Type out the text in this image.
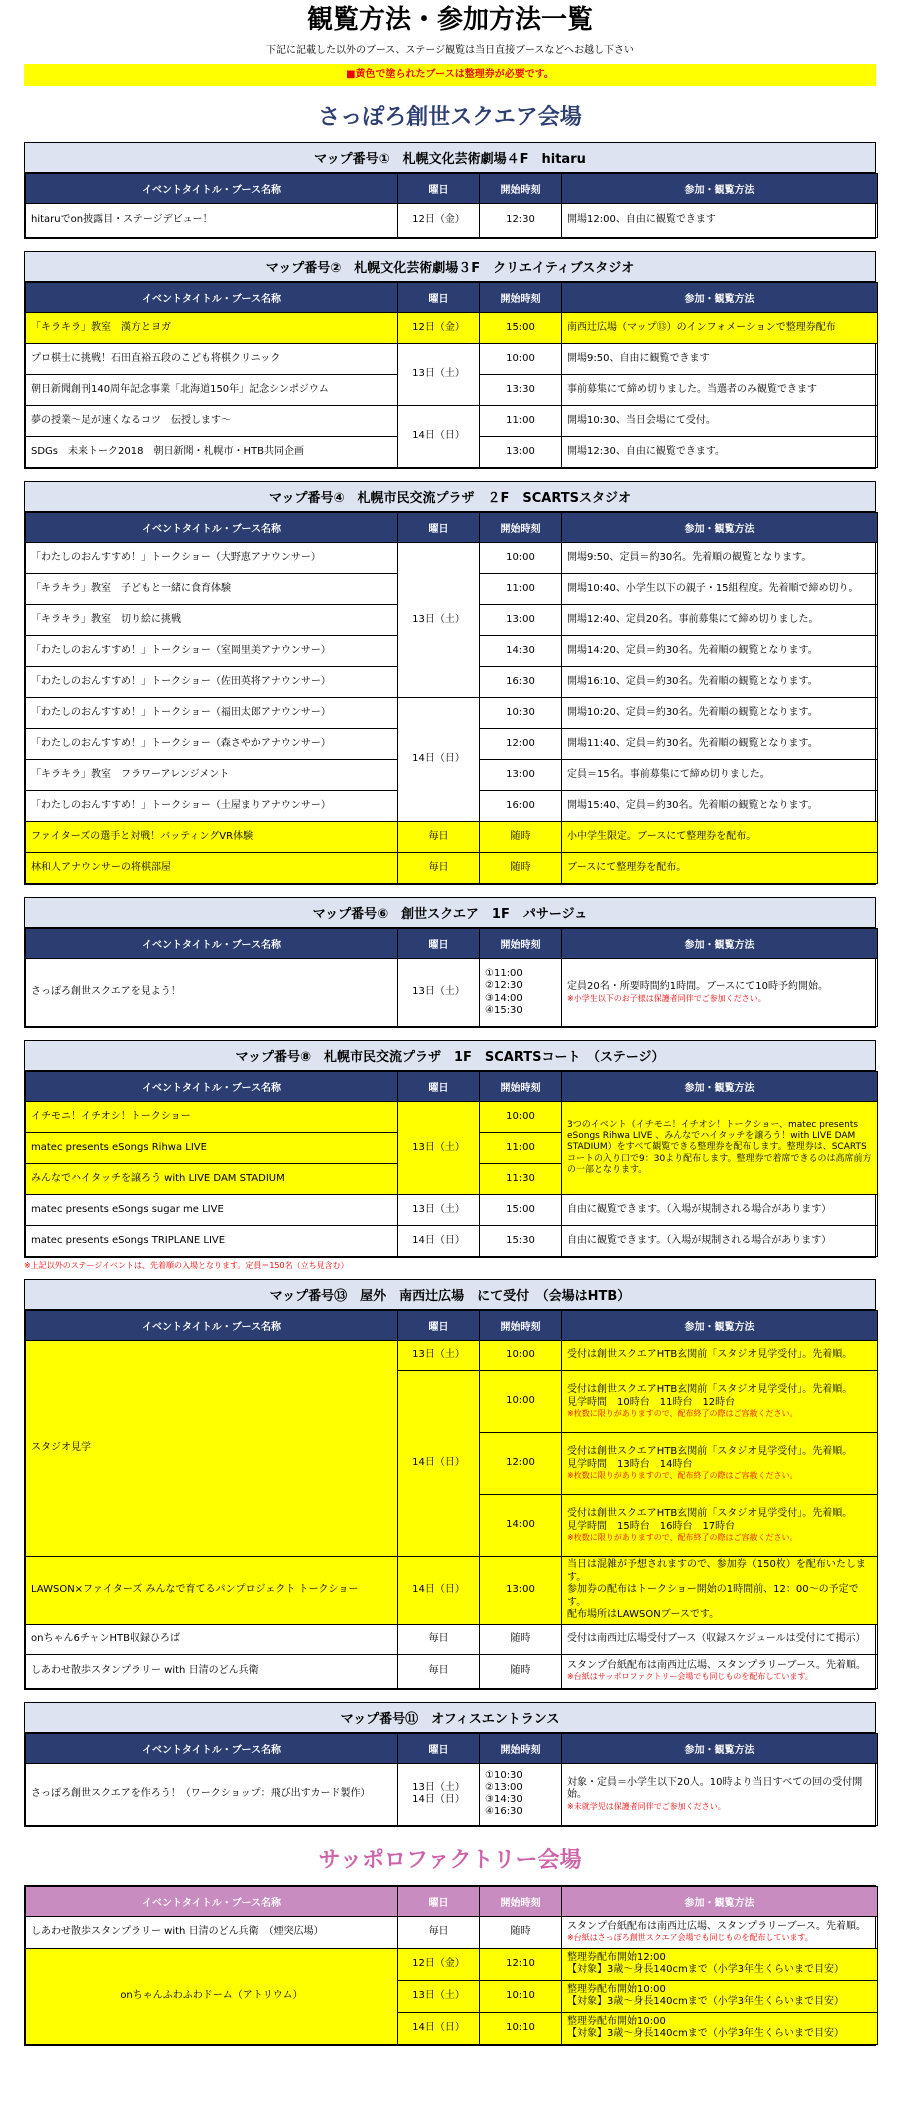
観覧方法・参加方法一覧
下記に記載した以外のブース、ステージ観覧は当日直接ブースなどへお越し下さい
■黄色で塗られたブースは整理券が必要です。
さっぽろ創世スクエア会場
マップ番号①　札幌文化芸術劇場４F　hitaru
イベントタイトル・ブース名称	曜日	開始時刻	参加・観覧方法
hitaruでon披露目・ステージデビュー！	12日（金）	12:30	開場12:00、自由に観覧できます
マップ番号②　札幌文化芸術劇場３F　クリエイティブスタジオ
イベントタイトル・ブース名称	曜日	開始時刻	参加・観覧方法
「キラキラ」教室　漢方とヨガ	12日（金）	15:00	南西辻広場（マップ⑬）のインフォメーションで整理券配布
プロ棋士に挑戦！石田直裕五段のこども将棋クリニック	13日（土）	10:00	開場9:50、自由に観覧できます
朝日新聞創刊140周年記念事業「北海道150年」記念シンポジウム		13:30	事前募集にて締め切りました。当選者のみ観覧できます
夢の授業～足が速くなるコツ　伝授します～	14日（日）	11:00	開場10:30、当日会場にて受付。
SDGs　未来トーク2018　朝日新聞・札幌市・HTB共同企画		13:00	開場12:30、自由に観覧できます。
マップ番号④　札幌市民交流プラザ　２F　SCARTSスタジオ
イベントタイトル・ブース名称	曜日	開始時刻	参加・観覧方法
「わたしのおんすすめ！」トークショー（大野恵アナウンサー）	13日（土）	10:00	開場9:50、定員＝約30名。先着順の観覧となります。
「キラキラ」教室　子どもと一緒に食育体験		11:00	開場10:40、小学生以下の親子・15組程度。先着順で締め切り。
「キラキラ」教室　切り絵に挑戦		13:00	開場12:40、定員20名。事前募集にて締め切りました。
「わたしのおんすすめ！」トークショー（室岡里美アナウンサー）		14:30	開場14:20、定員＝約30名。先着順の観覧となります。
「わたしのおんすすめ！」トークショー（佐田英将アナウンサー）		16:30	開場16:10、定員＝約30名。先着順の観覧となります。
「わたしのおんすすめ！」トークショー（福田太郎アナウンサー）	14日（日）	10:30	開場10:20、定員＝約30名。先着順の観覧となります。
「わたしのおんすすめ！」トークショー（森さやかアナウンサー）		12:00	開場11:40、定員＝約30名。先着順の観覧となります。
「キラキラ」教室　フラワーアレンジメント		13:00	定員＝15名。事前募集にて締め切りました。
「わたしのおんすすめ！」トークショー（土屋まりアナウンサー）		16:00	開場15:40、定員＝約30名。先着順の観覧となります。
ファイターズの選手と対戦！バッティングVR体験	毎日	随時	小中学生限定。ブースにて整理券を配布。
林和人アナウンサーの将棋部屋	毎日	随時	ブースにて整理券を配布。
マップ番号⑥　創世スクエア　1F　パサージュ
イベントタイトル・ブース名称	曜日	開始時刻	参加・観覧方法
さっぽろ創世スクエアを見よう！	13日（土）	①11:00
②12:30
③14:00
④15:30	定員20名・所要時間約1時間。ブースにて10時予約開始。
※小学生以下のお子様は保護者同伴でご参加ください。
マップ番号⑧　札幌市民交流プラザ　1F　SCARTSコート　（ステージ）
イベントタイトル・ブース名称	曜日	開始時刻	参加・観覧方法
イチモニ！イチオシ！トークショー	13日（土）	10:00	3つのイベント（イチモニ！イチオシ！トークショー、matec presents eSongs Rihwa LIVE 、みんなでハイタッチを譲ろう！with LIVE DAM STADIUM）をすべて観覧できる整理券を配布します。整理券は、SCARTSコートの入り口で9：30より配布します。整理券で着席できるのは高席前方の一部となります。
matec presents eSongs Rihwa LIVE		11:00	
みんなでハイタッチを譲ろう with LIVE DAM STADIUM		11:30	
matec presents eSongs sugar me LIVE	13日（土）	15:00	自由に観覧できます。（入場が規制される場合があります）
matec presents eSongs TRIPLANE LIVE	14日（日）	15:30	自由に観覧できます。（入場が規制される場合があります）
※上記以外のステージイベントは、先着順の入場となります。定員＝150名（立ち見含む）
マップ番号⑬　屋外　南西辻広場　にて受付　（会場はHTB）
イベントタイトル・ブース名称	曜日	開始時刻	参加・観覧方法
スタジオ見学	13日（土）	10:00	受付は創世スクエアHTB玄関前「スタジオ見学受付」。先着順。
	14日（日）	10:00	受付は創世スクエアHTB玄関前「スタジオ見学受付」。先着順。
見学時間　10時台　11時台　12時台
※枚数に限りがありますので、配布終了の際はご容赦ください。

		12:00	受付は創世スクエアHTB玄関前「スタジオ見学受付」。先着順。
見学時間　13時台　14時台
※枚数に限りがありますので、配布終了の際はご容赦ください。

		14:00	受付は創世スクエアHTB玄関前「スタジオ見学受付」。先着順。
見学時間　15時台　16時台　17時台
※枚数に限りがありますので、配布終了の際はご容赦ください。

LAWSON×ファイターズ みんなで育てるパンプロジェクト トークショー	14日（日）	13:00	当日は混雑が予想されますので、参加券（150枚）を配布いたします。
参加券の配布はトークショー開始の1時間前、12：00～の予定です。
配布場所はLAWSONブースです。

onちゃん6チャンHTB収録ひろば	毎日	随時	受付は南西辻広場受付ブース（収録スケジュールは受付にて掲示）
しあわせ散歩スタンプラリー with 日清のどん兵衛	毎日	随時	スタンプ台紙配布は南西辻広場、スタンプラリーブース。先着順。
※台紙はサッポロファクトリー会場でも同じものを配布しています。
マップ番号⑪　オフィスエントランス
イベントタイトル・ブース名称	曜日	開始時刻	参加・観覧方法
さっぽろ創世スクエアを作ろう！（ワークショップ：飛び出すカード製作）	13日（土）
14日（日）	①10:30
②13:00
③14:30
④16:30	対象・定員＝小学生以下20人。10時より当日すべての回の受付開始。
※未就学児は保護者同伴でご参加ください。
サッポロファクトリー会場
イベントタイトル・ブース名称	曜日	開始時刻	参加・観覧方法
しあわせ散歩スタンプラリー with 日清のどん兵衛　（煙突広場）	毎日	随時	スタンプ台紙配布は南西辻広場、スタンプラリーブース。先着順。
※台紙はさっぽろ創世スクエア会場でも同じものを配布しています。

onちゃんふわふわドーム（アトリウム）	12日（金）	12:10	整理券配布開始12:00
【対象】3歳～身長140cmまで（小学3年生くらいまで目安）

	13日（土）	10:10	整理券配布開始10:00
【対象】3歳～身長140cmまで（小学3年生くらいまで目安）

	14日（日）	10:10	整理券配布開始10:00
【対象】3歳～身長140cmまで（小学3年生くらいまで目安）
